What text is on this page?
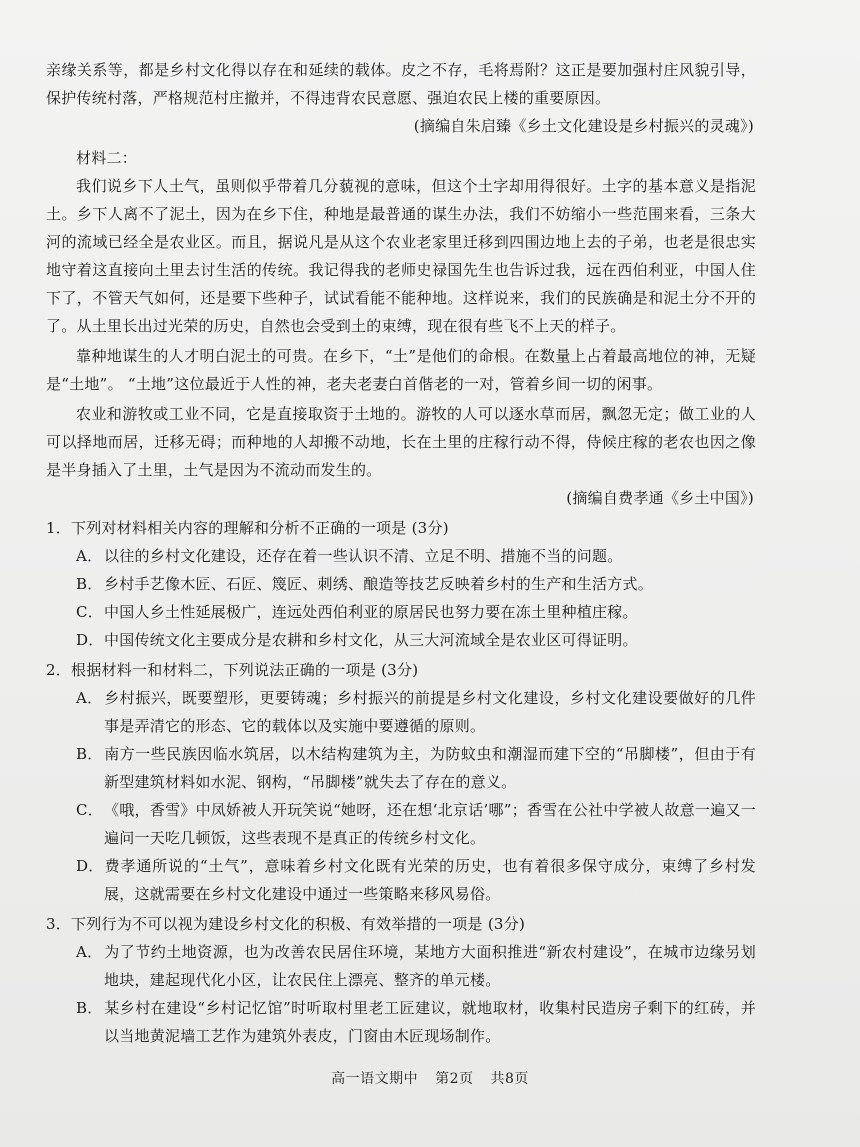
亲缘关系等，都是乡村文化得以存在和延续的载体。皮之不存，毛将焉附？这正是要加强村庄风貌引导，保护传统村落，严格规范村庄撤并，不得违背农民意愿、强迫农民上楼的重要原因。

(摘编自朱启臻《乡土文化建设是乡村振兴的灵魂》)

材料二：

我们说乡下人土气，虽则似乎带着几分藐视的意味，但这个土字却用得很好。土字的基本意义是指泥土。乡下人离不了泥土，因为在乡下住，种地是最普通的谋生办法，我们不妨缩小一些范围来看，三条大河的流域已经全是农业区。而且，据说凡是从这个农业老家里迁移到四围边地上去的子弟，也老是很忠实地守着这直接向土里去讨生活的传统。我记得我的老师史禄国先生也告诉过我，远在西伯利亚，中国人住下了，不管天气如何，还是要下些种子，试试看能不能种地。这样说来，我们的民族确是和泥土分不开的了。从土里长出过光荣的历史，自然也会受到土的束缚，现在很有些飞不上天的样子。

靠种地谋生的人才明白泥土的可贵。在乡下，“土”是他们的命根。在数量上占着最高地位的神，无疑是“土地”。 “土地”这位最近于人性的神，老夫老妻白首偕老的一对，管着乡间一切的闲事。

农业和游牧或工业不同，它是直接取资于土地的。游牧的人可以逐水草而居，飘忽无定；做工业的人可以择地而居，迁移无碍；而种地的人却搬不动地，长在土里的庄稼行动不得，侍候庄稼的老农也因之像是半身插入了土里，土气是因为不流动而发生的。

(摘编自费孝通《乡土中国》)

1．下列对材料相关内容的理解和分析不正确的一项是 (3分)

A． 以往的乡村文化建设，还存在着一些认识不清、立足不明、措施不当的问题。

B．乡村手艺像木匠、石匠、篾匠、刺绣、酿造等技艺反映着乡村的生产和生活方式。

C．中国人乡土性延展极广，连远处西伯利亚的原居民也努力要在冻土里种植庄稼。

D．中国传统文化主要成分是农耕和乡村文化，从三大河流域全是农业区可得证明。

2．根据材料一和材料二，下列说法正确的一项是 (3分)

A． 乡村振兴，既要塑形，更要铸魂；乡村振兴的前提是乡村文化建设，乡村文化建设要做好的几件事是弄清它的形态、它的载体以及实施中要遵循的原则。

B．南方一些民族因临水筑居，以木结构建筑为主，为防蚊虫和潮湿而建下空的“吊脚楼”，但由于有新型建筑材料如水泥、钢构，“吊脚楼”就失去了存在的意义。

C．《哦，香雪》中凤娇被人开玩笑说“她呀，还在想‘北京话’哪”；香雪在公社中学被人故意一遍又一遍问一天吃几顿饭，这些表现不是真正的传统乡村文化。

D．费孝通所说的“土气”，意味着乡村文化既有光荣的历史，也有着很多保守成分，束缚了乡村发展，这就需要在乡村文化建设中通过一些策略来移风易俗。

3．下列行为不可以视为建设乡村文化的积极、有效举措的一项是 (3分)

A． 为了节约土地资源，也为改善农民居住环境，某地方大面积推进“新农村建设”，在城市边缘另划地块，建起现代化小区，让农民住上漂亮、整齐的单元楼。

B．某乡村在建设“乡村记忆馆”时听取村里老工匠建议，就地取材，收集村民造房子剩下的红砖，并以当地黄泥墙工艺作为建筑外表皮，门窗由木匠现场制作。

高一语文期中 第2页 共8页
